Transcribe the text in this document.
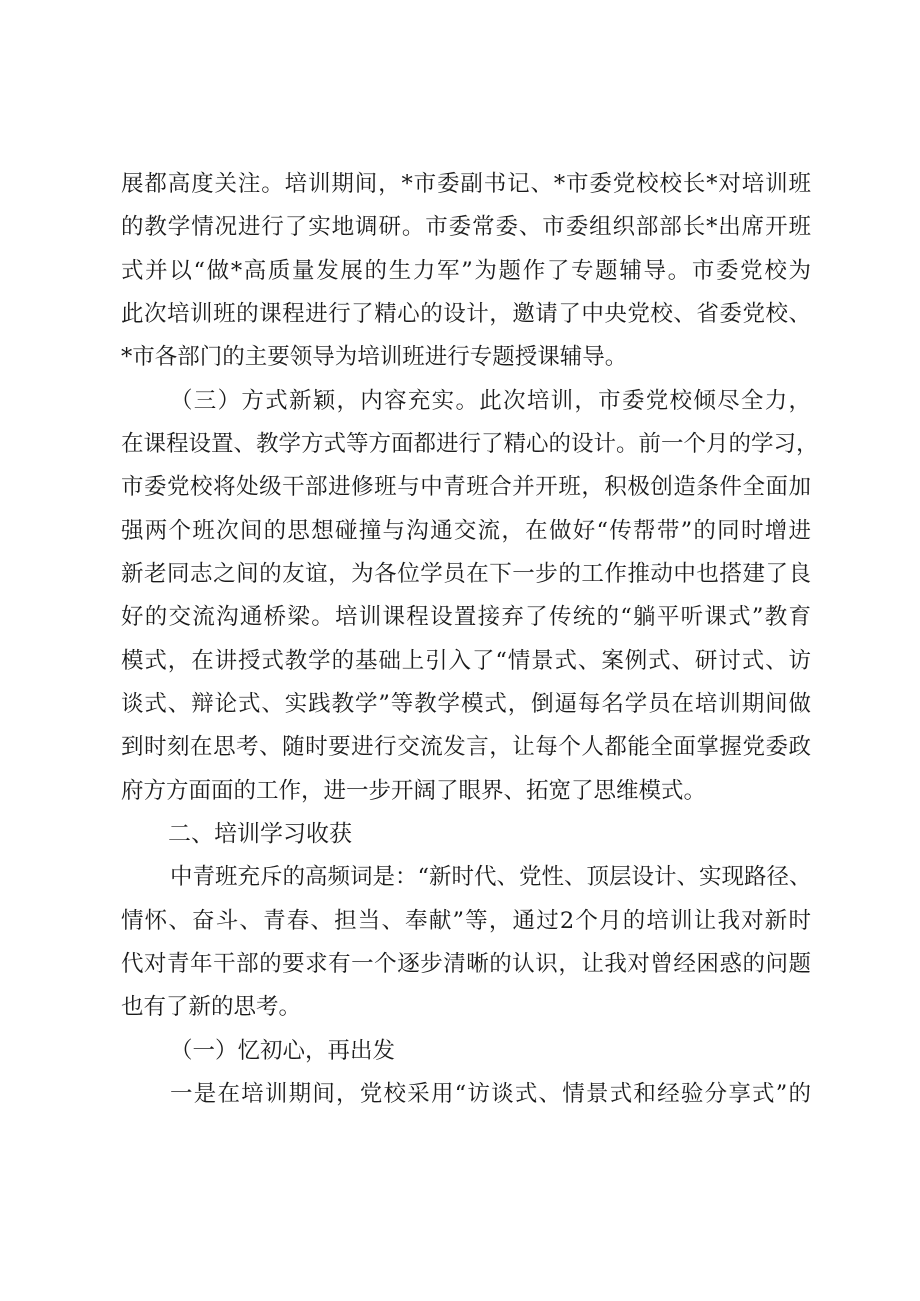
展都高度关注。培训期间，*市委副书记、*市委党校校长*对培训班
的教学情况进行了实地调研。市委常委、市委组织部部长*出席开班
式并以“做*高质量发展的生力军”为题作了专题辅导。市委党校为
此次培训班的课程进行了精心的设计，邀请了中央党校、省委党校、
*市各部门的主要领导为培训班进行专题授课辅导。
（三）方式新颖，内容充实。此次培训，市委党校倾尽全力，
在课程设置、教学方式等方面都进行了精心的设计。前一个月的学习，
市委党校将处级干部进修班与中青班合并开班，积极创造条件全面加
强两个班次间的思想碰撞与沟通交流，在做好“传帮带”的同时增进
新老同志之间的友谊，为各位学员在下一步的工作推动中也搭建了良
好的交流沟通桥梁。培训课程设置接弃了传统的“躺平听课式”教育
模式，在讲授式教学的基础上引入了“情景式、案例式、研讨式、访
谈式、辩论式、实践教学”等教学模式，倒逼每名学员在培训期间做
到时刻在思考、随时要进行交流发言，让每个人都能全面掌握党委政
府方方面面的工作，进一步开阔了眼界、拓宽了思维模式。
二、培训学习收获
中青班充斥的高频词是：“新时代、党性、顶层设计、实现路径、
情怀、奋斗、青春、担当、奉献”等，通过2个月的培训让我对新时
代对青年干部的要求有一个逐步清晰的认识，让我对曾经困惑的问题
也有了新的思考。
（一）忆初心，再出发
一是在培训期间，党校采用“访谈式、情景式和经验分享式”的
